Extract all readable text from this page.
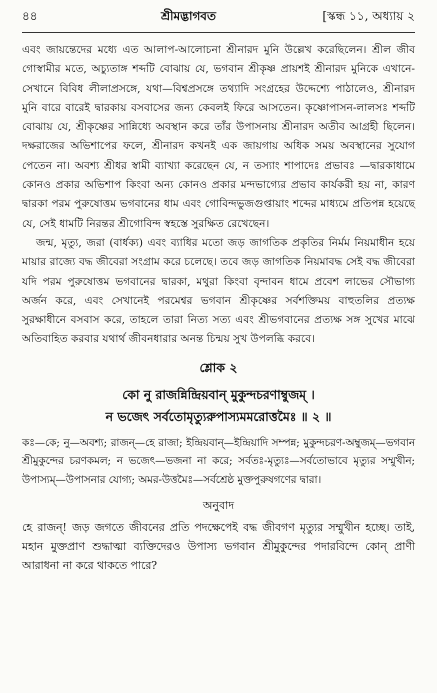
৪৪	শ্রীমদ্ভাগবত	[স্কন্ধ ১১, অধ্যায় ২

এবং জায়ন্তেদের মধ্যে এত আলাপ-আলোচনা শ্রীনারদ মুনি উল্লেখ করেছিলেন। শ্রীল জীব গোস্বামীর মতে, অচ্যুতাঙ্গ শব্দটি বোঝায় যে, ভগবান শ্রীকৃষ্ণ প্রায়শই শ্রীনারদ মুনিকে এখানে-সেখানে বিবিধ লীলাপ্রসঙ্গে, যথা—বিশ্বপ্রসঙ্গে তথ্যাদি সংগ্রহের উদ্দেশ্যে পাঠালেও, শ্রীনারদ মুনি বারে বারেই দ্বারকায় বসবাসের জন্য কেবলই ফিরে আসতেন। কৃষ্ণোপাসন-লালসঃ শব্দটি বোঝায় যে, শ্রীকৃষ্ণের সান্নিধ্যে অবস্থান করে তাঁর উপাসনায় শ্রীনারদ অতীব আগ্রহী ছিলেন। দক্ষরাজের অভিশাপের ফলে, শ্রীনারদ কখনই এক জায়গায় অধিক সময় অবস্থানের সুযোগ পেতেন না। অবশ্য শ্রীধর স্বামী ব্যাখ্যা করেছেন যে, ন তস্যাং শাপাদেঃ প্রভাবঃ —দ্বারকাধামে কোনও প্রকার অভিশাপ কিংবা অন্য কোনও প্রকার মন্দভাগ্যের প্রভাব কার্যকরী হয় না, কারণ দ্বারকা পরম পুরুষোত্তম ভগবানের ধাম এবং গোবিন্দভুজগুপ্তায়াং শব্দের মাধ্যমে প্রতিপন্ন হয়েছে যে, সেই ধামটি নিরন্তর শ্রীগোবিন্দ স্বহস্তে সুরক্ষিত রেখেছেন।

জন্ম, মৃত্যু, জরা (বার্ধক্য) এবং ব্যাধির মতো জড় জাগতিক প্রকৃতির নির্মম নিয়মাধীন হয়ে মায়ার রাজ্যে বদ্ধ জীবেরা সংগ্রাম করে চলেছে। তবে জড় জাগতিক নিয়মাবদ্ধ সেই বদ্ধ জীবেরা যদি পরম পুরুষোত্তম ভগবানের দ্বারকা, মথুরা কিংবা বৃন্দাবন ধামে প্রবেশ লাভের সৌভাগ্য অর্জন করে, এবং সেখানেই পরমেশ্বর ভগবান শ্রীকৃষ্ণের সর্বশক্তিময় বাহুতলির প্রত্যক্ষ সুরক্ষাধীনে বসবাস করে, তাহলে তারা নিত্য সত্য এবং শ্রীভগবানের প্রত্যক্ষ সঙ্গ সুখের মাঝে অতিবাহিত করবার যথার্থ জীবনধারার অনন্ত চিন্ময় সুখ উপলব্ধি করবে।

শ্লোক ২

কো নু রাজন্নিন্দ্রিয়বান্ মুকুন্দচরণাম্বুজম্ ।

ন ভজেৎ সর্বতোমৃত্যুরুপাস্যমমরোত্তমৈঃ ॥ ২ ॥

কঃ—কে; নু—অবশ্য; রাজন্—হে রাজা; ইন্দ্রিয়বান্—ইন্দ্রিয়াদি সম্পন্ন; মুকুন্দচরণ-অম্বুজম্—ভগবান শ্রীমুকুন্দের চরণকমল; ন ভজেৎ—ভজনা না করে; সর্বতঃ-মৃত্যুঃ—সর্বতোভাবে মৃত্যুর সম্মুখীন; উপাস্যম্—উপাসনার যোগ্য; অমর-উত্তমৈঃ—সর্বশ্রেষ্ঠ মুক্তপুরুষগণের দ্বারা।

অনুবাদ

হে রাজন্! জড় জগতে জীবনের প্রতি পদক্ষেপেই বদ্ধ জীবগণ মৃত্যুর সম্মুখীন হচ্ছে। তাই, মহান মুক্তপ্রাণ শুদ্ধাত্মা ব্যক্তিদেরও উপাস্য ভগবান শ্রীমুকুন্দের পদারবিন্দে কোন্ প্রাণী আরাধনা না করে থাকতে পারে?
